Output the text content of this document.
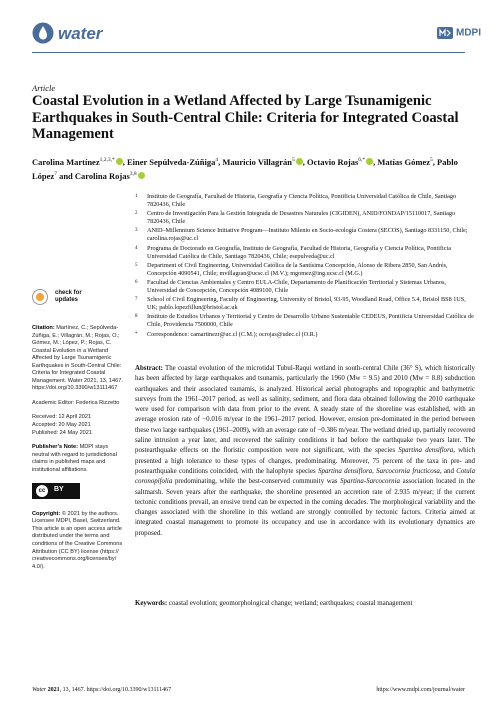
water	MDPI
Article
Coastal Evolution in a Wetland Affected by Large Tsunamigenic Earthquakes in South-Central Chile: Criteria for Integrated Coastal Management
Carolina Martínez$^{1,2,3,*}$ , Einer Sepúlveda-Zúñiga$^4$, Mauricio Villagrán$^5$ , Octavio Rojas$^{6,*}$ , Matías Gómez$^5$, Pablo López$^7$ and Carolina Rojas$^{3,8}$
1 Instituto de Geografía, Facultad de Historia, Geografía y Ciencia Política, Pontificia Universidad Católica de Chile, Santiago 7820436, Chile
2 Centro de Investigación Para la Gestión Integrada de Desastres Naturales (CIGIDEN), ANID/FONDAP/15110017, Santiago 7820436, Chile
3 ANID–Millennium Science Initiative Program—Instituto Milenio en Socio-ecología Costera (SECOS), Santiago 8331150, Chile; carolina.rojas@uc.cl
4 Programa de Doctorado en Geografía, Instituto de Geografía, Facultad de Historia, Geografía y Ciencia Política, Pontificia Universidad Católica de Chile, Santiago 7820436, Chile; esepulveda@uc.cl
5 Department of Civil Engineering, Universidad Católica de la Santísima Concepción, Alonso de Ribera 2850, San Andrés, Concepción 4090541, Chile; mvillagran@ucsc.cl (M.V.); mgomez@ing.ucsc.cl (M.G.)
6 Facultad de Ciencias Ambientales y Centro EULA-Chile, Departamento de Planificación Territorial y Sistemas Urbanos, Universidad de Concepción, Concepción 4089100, Chile
7 School of Civil Engineering, Faculty of Engineering, University of Bristol, 93-95, Woodland Road, Office 5.4, Bristol BS8 1US, UK; pablo.lopezfillun@bristol.ac.uk
8 Instituto de Estudios Urbanos y Territorial y Centro de Desarrollo Urbano Sustentable CEDEUS, Pontificia Universidad Católica de Chile, Providencia 7500000, Chile
* Correspondence: camartinezr@uc.cl (C.M.); ocrojas@udec.cl (O.R.)
check for
updates

Citation: Martínez, C.; Sepúlveda-Zúñiga, E.; Villagrán, M.; Rojas, O.; Gómez, M.; López, P.; Rojas, C. Coastal Evolution in a Wetland Affected by Large Tsunamigenic Earthquakes in South-Central Chile: Criteria for Integrated Coastal Management. Water 2021, 13, 1467. https://doi.org/10.3390/w13111467

Academic Editor: Federica Rizzetto

Received: 12 April 2021
Accepted: 20 May 2021
Published: 24 May 2021

Publisher’s Note: MDPI stays neutral with regard to jurisdictional claims in published maps and institutional affiliations.

BY
cc

Copyright: © 2021 by the authors. Licensee MDPI, Basel, Switzerland. This article is an open access article distributed under the terms and conditions of the Creative Commons Attribution (CC BY) license (https:// creativecommons.org/licenses/by/ 4.0/).

Abstract: The coastal evolution of the microtidal Tubul-Raqui wetland in south-central Chile (36° S), which historically has been affected by large earthquakes and tsunamis, particularly the 1960 (Mw = 9.5) and 2010 (Mw = 8.8) subduction earthquakes and their associated tsunamis, is analyzed. Historical aerial photographs and topographic and bathymetric surveys from the 1961–2017 period, as well as salinity, sediment, and flora data obtained following the 2010 earthquake were used for comparison with data from prior to the event. A steady state of the shoreline was established, with an average erosion rate of −0.016 m/year in the 1961–2017 period. However, erosion pre-dominated in the period between these two large earthquakes (1961–2009), with an average rate of −0.386 m/year. The wetland dried up, partially recovered saline intrusion a year later, and recovered the salinity conditions it had before the earthquake two years later. The postearthquake effects on the floristic composition were not significant, with the species Spartina densiflora, which presented a high tolerance to these types of changes, predominating. Moreover, 75 percent of the taxa in pre- and postearthquake conditions coincided, with the halophyte species Spartina densiflora, Sarcocornia fructicosa, and Cotula coronopifolia predominating, while the best-conserved community was Spartina-Sarcocornia association located in the saltmarsh. Seven years after the earthquake, the shoreline presented an accretion rate of 2.935 m/year; if the current tectonic conditions prevail, an erosive trend can be expected in the coming decades. The morphological variability and the changes associated with the shoreline in this wetland are strongly controlled by tectonic factors. Criteria aimed at integrated coastal management to promote its occupancy and use in accordance with its evolutionary dynamics are proposed.

Keywords: coastal evolution; geomorphological change; wetland; earthquakes; coastal management

Water 2021, 13, 1467. https://doi.org/10.3390/w13111467	https://www.mdpi.com/journal/water
